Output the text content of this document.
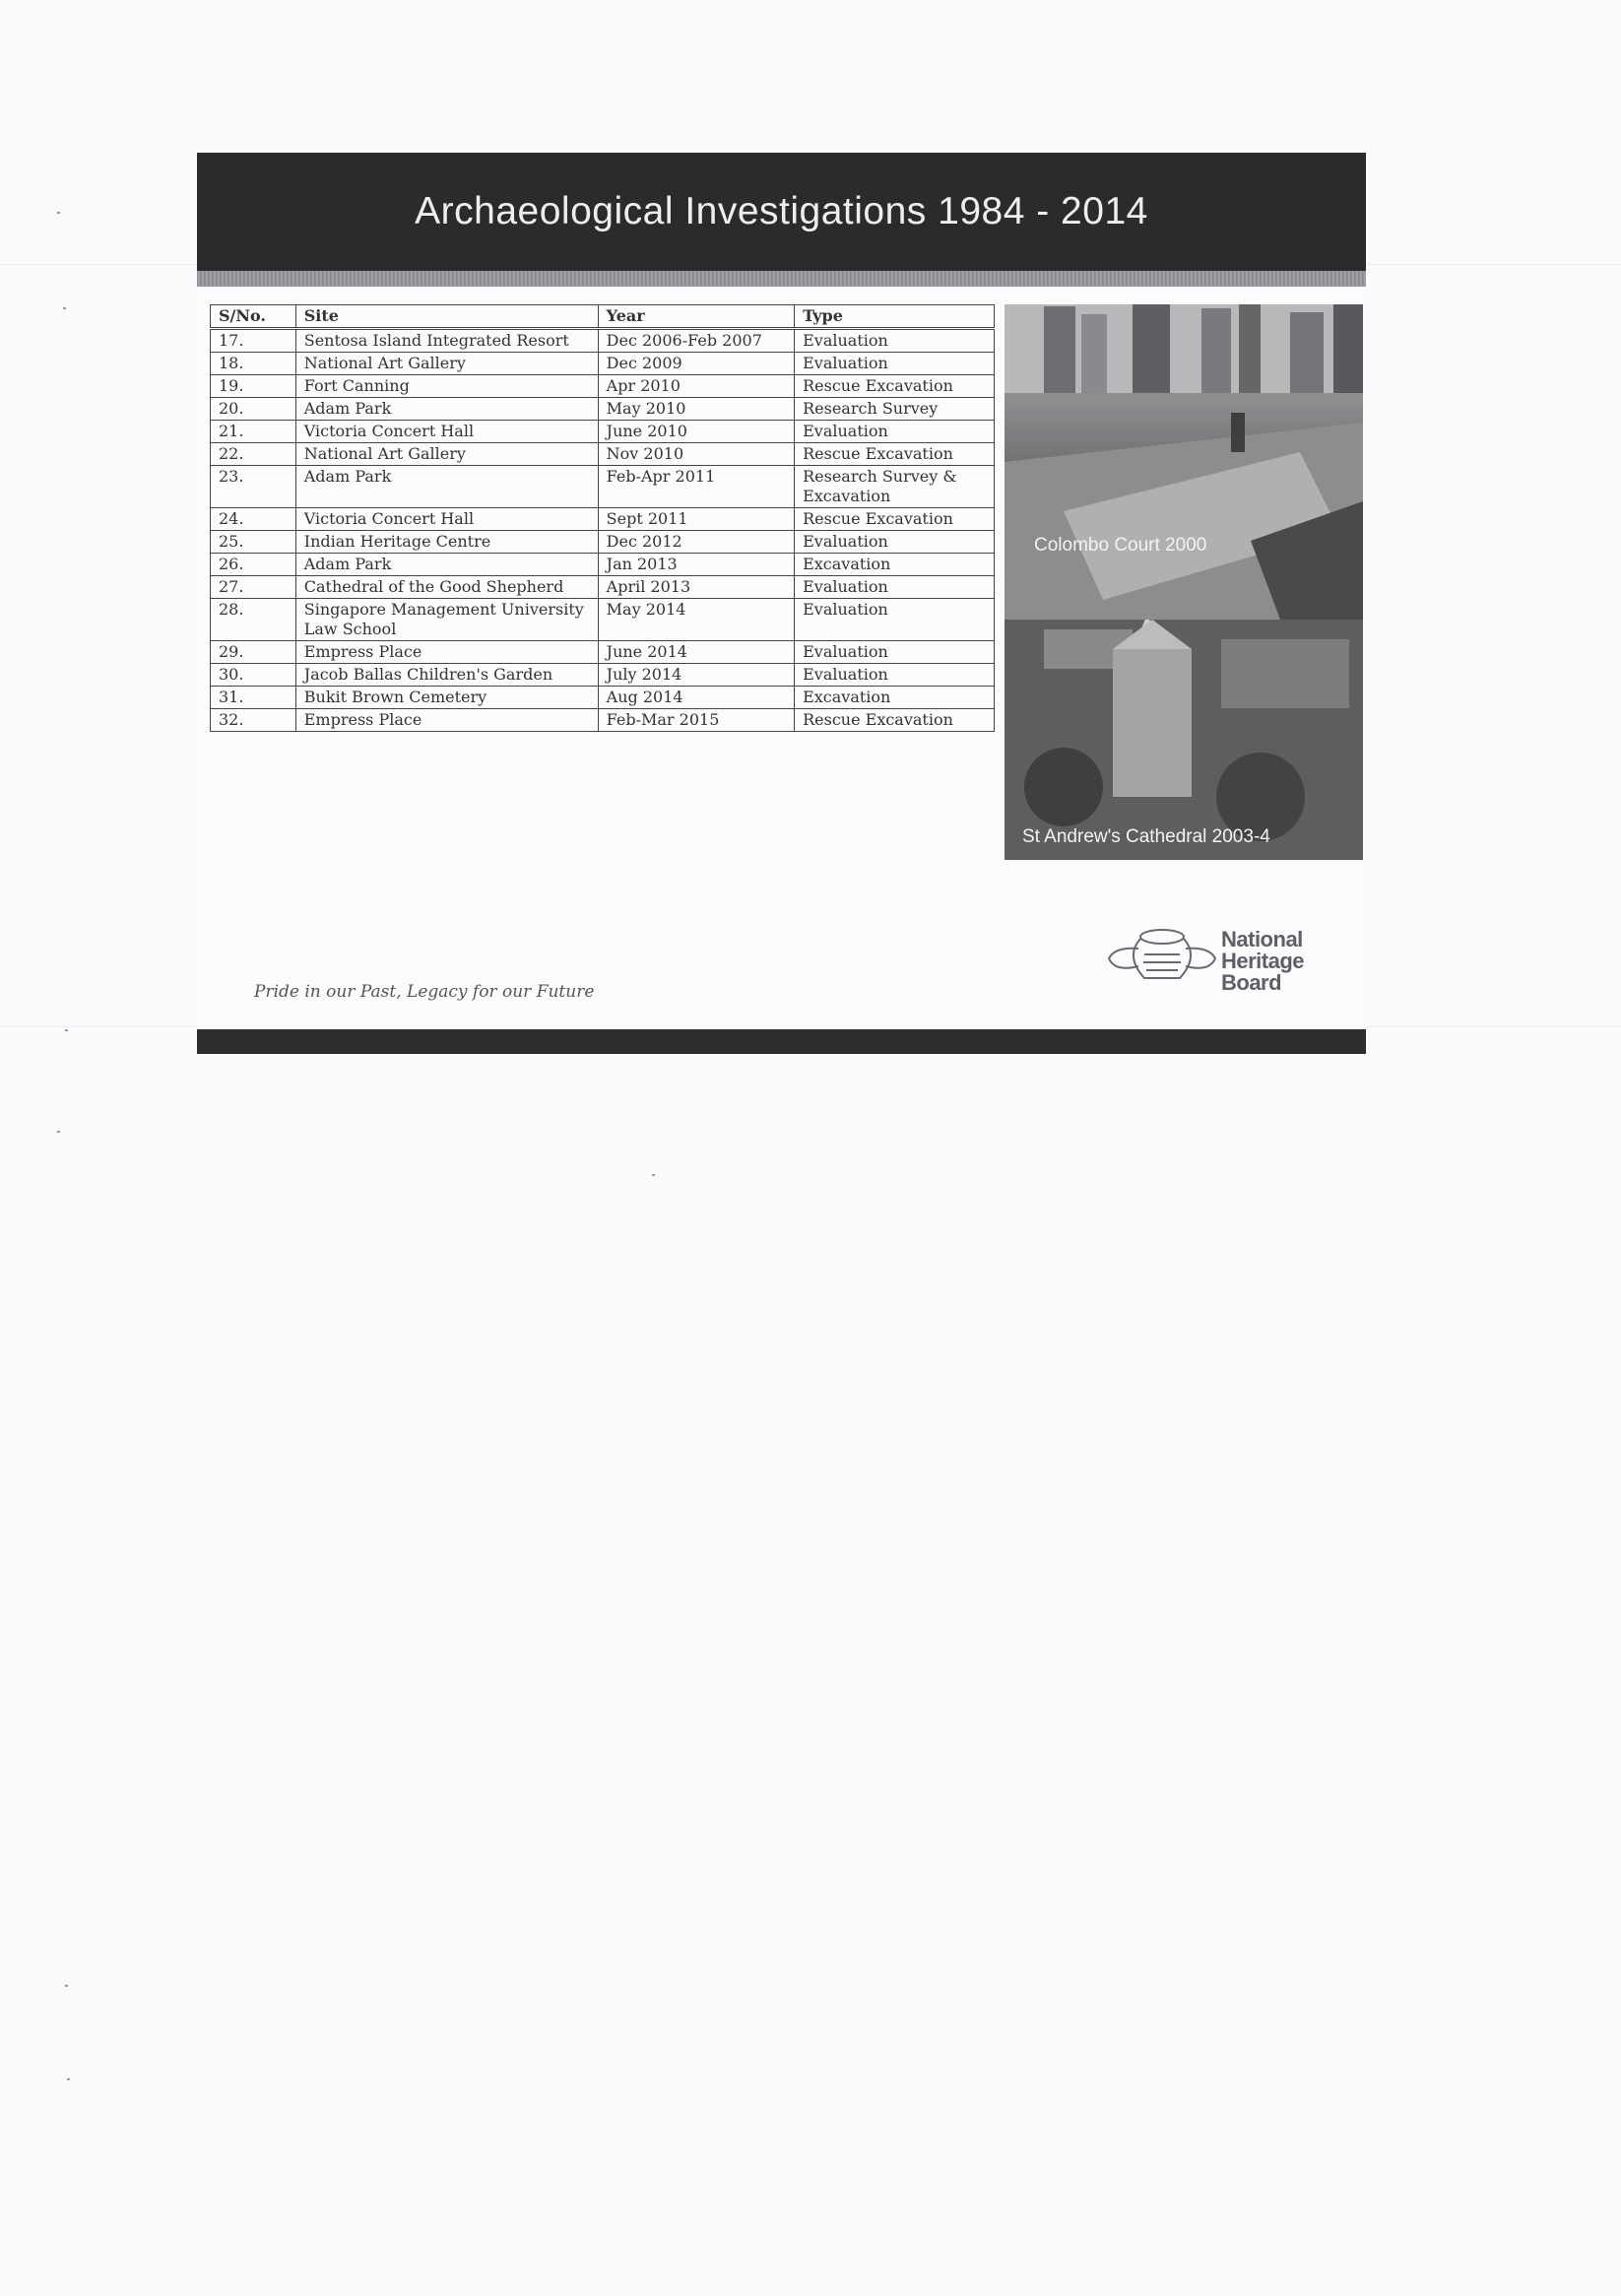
Archaeological Investigations 1984 - 2014
S/No.	Site	Year	Type
17.	Sentosa Island Integrated Resort	Dec 2006-Feb 2007	Evaluation
18.	National Art Gallery	Dec 2009	Evaluation
19.	Fort Canning	Apr 2010	Rescue Excavation
20.	Adam Park	May 2010	Research Survey
21.	Victoria Concert Hall	June 2010	Evaluation
22.	National Art Gallery	Nov 2010	Rescue Excavation
23.	Adam Park	Feb-Apr 2011	Research Survey & Excavation
24.	Victoria Concert Hall	Sept 2011	Rescue Excavation
25.	Indian Heritage Centre	Dec 2012	Evaluation
26.	Adam Park	Jan 2013	Excavation
27.	Cathedral of the Good Shepherd	April 2013	Evaluation
28.	Singapore Management University Law School	May 2014	Evaluation
29.	Empress Place	June 2014	Evaluation
30.	Jacob Ballas Children's Garden	July 2014	Evaluation
31.	Bukit Brown Cemetery	Aug 2014	Excavation
32.	Empress Place	Feb-Mar 2015	Rescue Excavation
Colombo Court 2000
St Andrew's Cathedral 2003-4
Pride in our Past, Legacy for our Future
National
Heritage
Board
